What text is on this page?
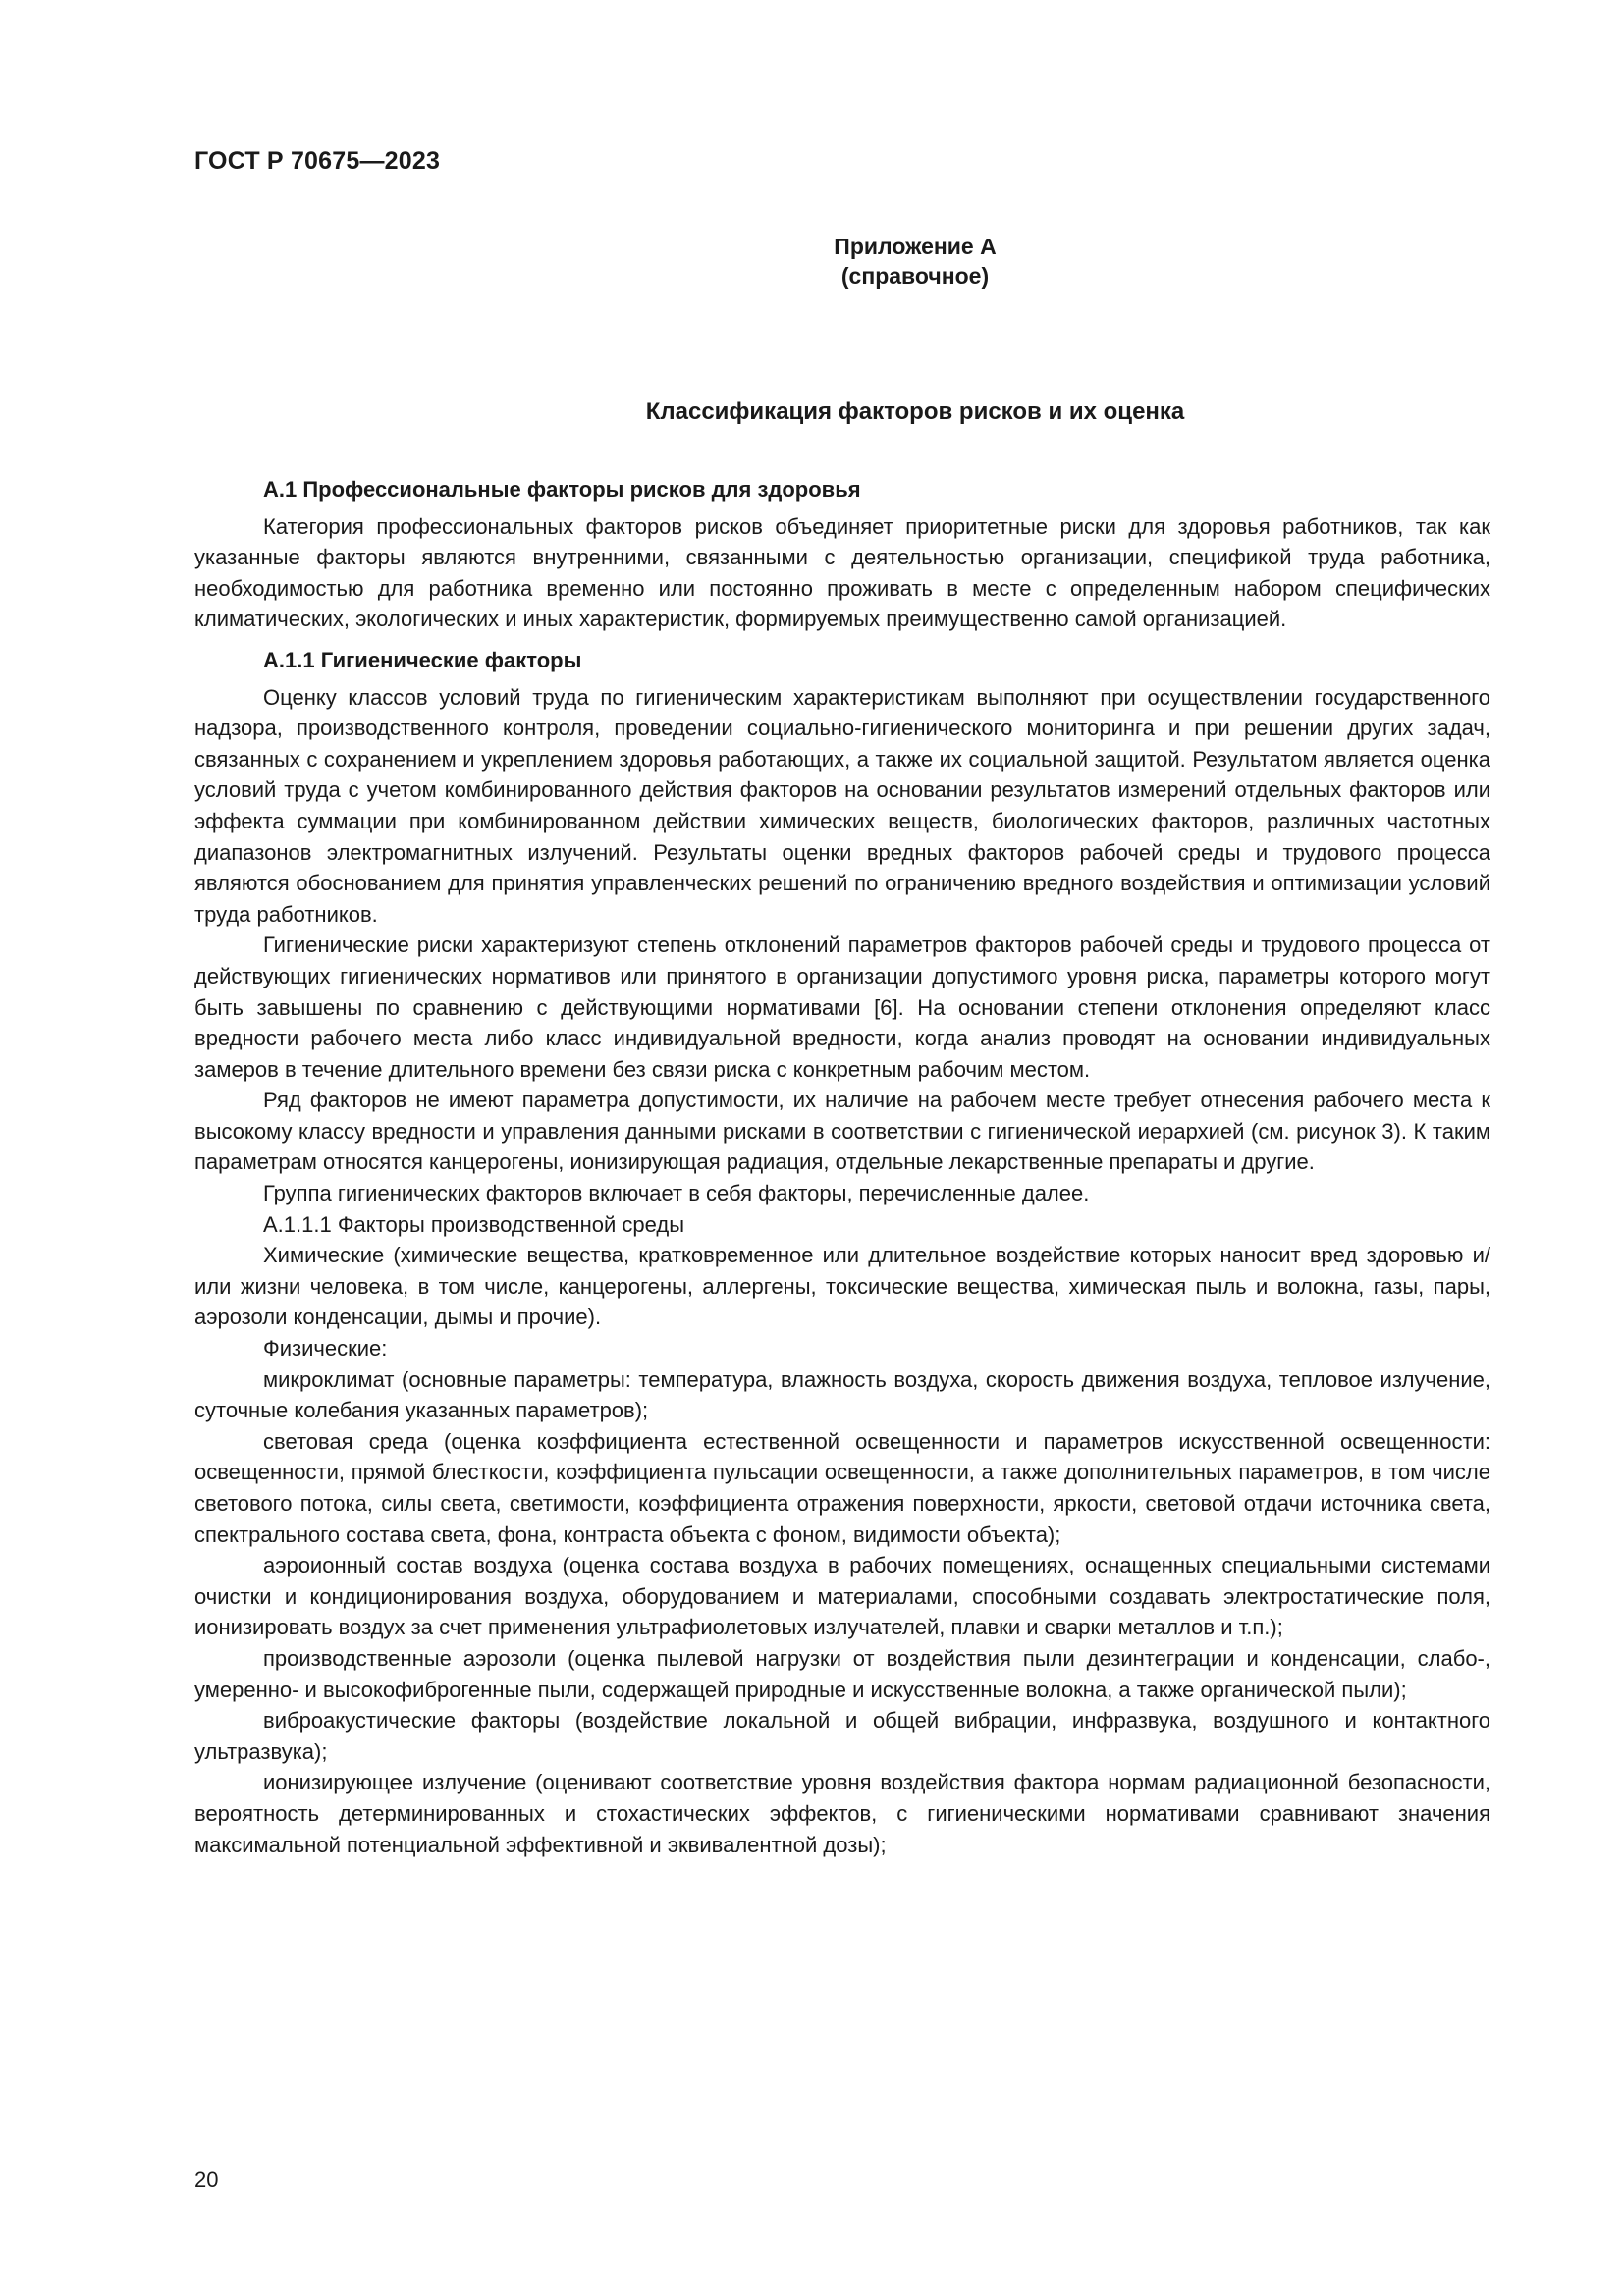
ГОСТ Р 70675—2023
Приложение А
(справочное)
Классификация факторов рисков и их оценка
А.1 Профессиональные факторы рисков для здоровья

Категория профессиональных факторов рисков объединяет приоритетные риски для здоровья работников, так как указанные факторы являются внутренними, связанными с деятельностью организации, спецификой труда работника, необходимостью для работника временно или постоянно проживать в месте с определенным набором специфических климатических, экологических и иных характеристик, формируемых преимущественно самой организацией.

А.1.1 Гигиенические факторы

Оценку классов условий труда по гигиеническим характеристикам выполняют при осуществлении государственного надзора, производственного контроля, проведении социально-гигиенического мониторинга и при решении других задач, связанных с сохранением и укреплением здоровья работающих, а также их социальной защитой. Результатом является оценка условий труда с учетом комбинированного действия факторов на основании результатов измерений отдельных факторов или эффекта суммации при комбинированном действии химических веществ, биологических факторов, различных частотных диапазонов электромагнитных излучений. Результаты оценки вредных факторов рабочей среды и трудового процесса являются обоснованием для принятия управленческих решений по ограничению вредного воздействия и оптимизации условий труда работников.

Гигиенические риски характеризуют степень отклонений параметров факторов рабочей среды и трудового процесса от действующих гигиенических нормативов или принятого в организации допустимого уровня риска, параметры которого могут быть завышены по сравнению с действующими нормативами [6]. На основании степени отклонения определяют класс вредности рабочего места либо класс индивидуальной вредности, когда анализ проводят на основании индивидуальных замеров в течение длительного времени без связи риска с конкретным рабочим местом.

Ряд факторов не имеют параметра допустимости, их наличие на рабочем месте требует отнесения рабочего места к высокому классу вредности и управления данными рисками в соответствии с гигиенической иерархией (см. рисунок 3). К таким параметрам относятся канцерогены, ионизирующая радиация, отдельные лекарственные препараты и другие.

Группа гигиенических факторов включает в себя факторы, перечисленные далее.

А.1.1.1 Факторы производственной среды

Химические (химические вещества, кратковременное или длительное воздействие которых наносит вред здоровью и/или жизни человека, в том числе, канцерогены, аллергены, токсические вещества, химическая пыль и волокна, газы, пары, аэрозоли конденсации, дымы и прочие).

Физические:

микроклимат (основные параметры: температура, влажность воздуха, скорость движения воздуха, тепловое излучение, суточные колебания указанных параметров);

световая среда (оценка коэффициента естественной освещенности и параметров искусственной освещенности: освещенности, прямой блесткости, коэффициента пульсации освещенности, а также дополнительных параметров, в том числе светового потока, силы света, светимости, коэффициента отражения поверхности, яркости, световой отдачи источника света, спектрального состава света, фона, контраста объекта с фоном, видимости объекта);

аэроионный состав воздуха (оценка состава воздуха в рабочих помещениях, оснащенных специальными системами очистки и кондиционирования воздуха, оборудованием и материалами, способными создавать электростатические поля, ионизировать воздух за счет применения ультрафиолетовых излучателей, плавки и сварки металлов и т.п.);

производственные аэрозоли (оценка пылевой нагрузки от воздействия пыли дезинтеграции и конденсации, слабо-, умеренно- и высокофиброгенные пыли, содержащей природные и искусственные волокна, а также органической пыли);

виброакустические факторы (воздействие локальной и общей вибрации, инфразвука, воздушного и контактного ультразвука);

ионизирующее излучение (оценивают соответствие уровня воздействия фактора нормам радиационной безопасности, вероятность детерминированных и стохастических эффектов, с гигиеническими нормативами сравнивают значения максимальной потенциальной эффективной и эквивалентной дозы);

20
